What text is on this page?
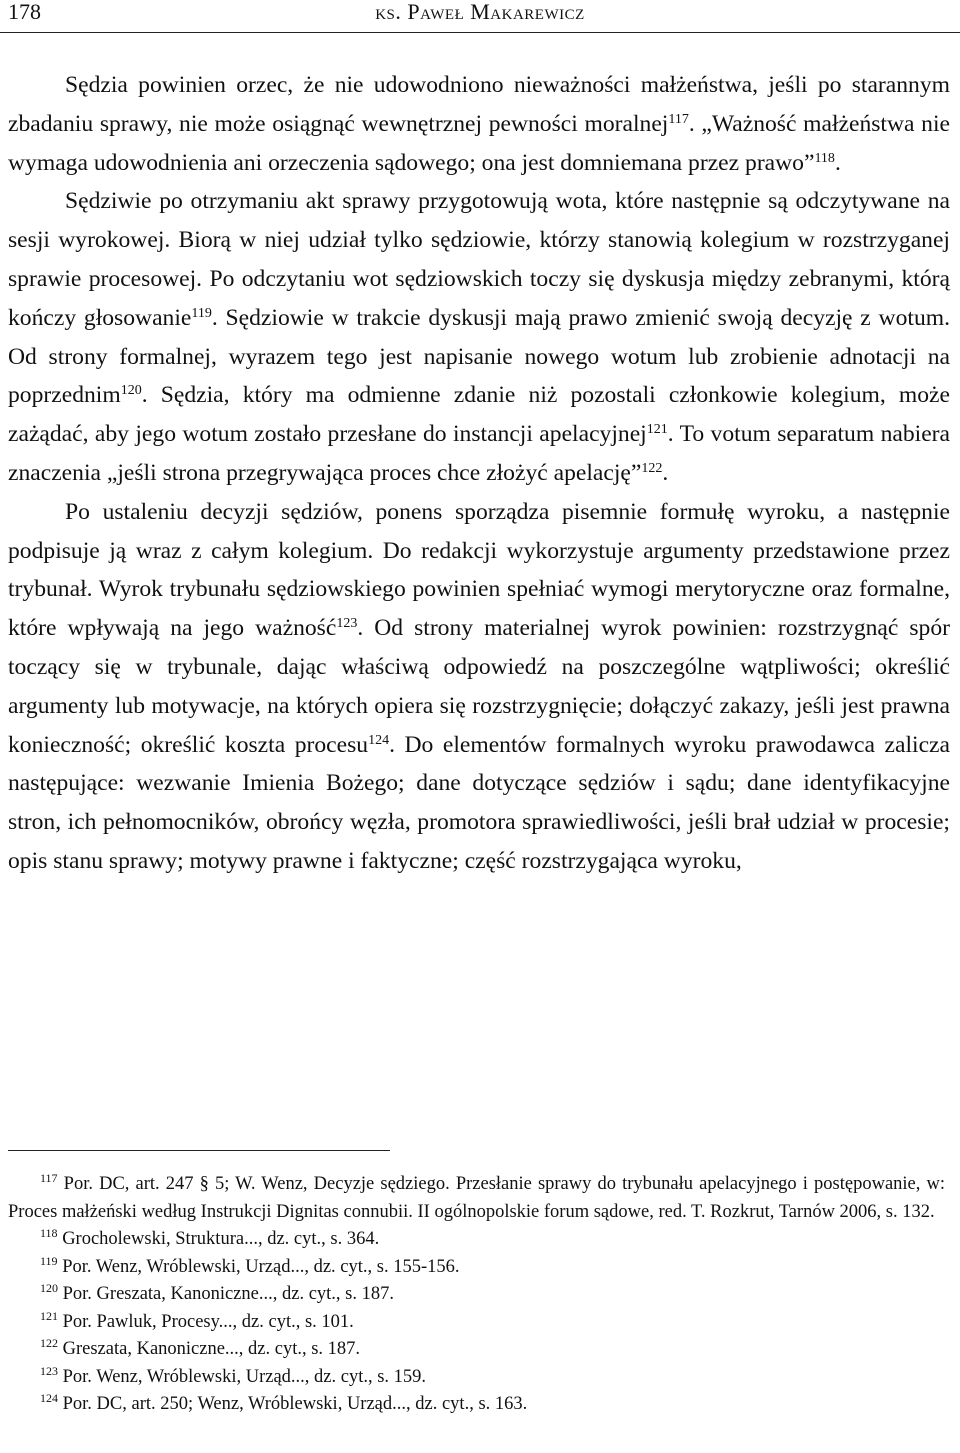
178	ks. Paweł Makarewicz

Sędzia powinien orzec, że nie udowodniono nieważności małżeństwa, jeśli po starannym zbadaniu sprawy, nie może osiągnąć wewnętrznej pewności moralnej$^{117}$. „Ważność małżeństwa nie wymaga udowodnienia ani orzeczenia sądowego; ona jest domniemana przez prawo”$^{118}$.

Sędziwie po otrzymaniu akt sprawy przygotowują wota, które następnie są odczytywane na sesji wyrokowej. Biorą w niej udział tylko sędziowie, którzy stanowią kolegium w rozstrzyganej sprawie procesowej. Po odczytaniu wot sędziowskich toczy się dyskusja między zebranymi, którą kończy głosowanie$^{119}$. Sędziowie w trakcie dyskusji mają prawo zmienić swoją decyzję z wotum. Od strony formalnej, wyrazem tego jest napisanie nowego wotum lub zrobienie adnotacji na poprzednim$^{120}$. Sędzia, który ma odmienne zdanie niż pozostali członkowie kolegium, może zażądać, aby jego wotum zostało przesłane do instancji apelacyjnej$^{121}$. To votum separatum nabiera znaczenia „jeśli strona przegrywająca proces chce złożyć apelację”$^{122}$.

Po ustaleniu decyzji sędziów, ponens sporządza pisemnie formułę wyroku, a następnie podpisuje ją wraz z całym kolegium. Do redakcji wykorzystuje argumenty przedstawione przez trybunał. Wyrok trybunału sędziowskiego powinien spełniać wymogi merytoryczne oraz formalne, które wpływają na jego ważność$^{123}$. Od strony materialnej wyrok powinien: rozstrzygnąć spór toczący się w trybunale, dając właściwą odpowiedź na poszczególne wątpliwości; określić argumenty lub motywacje, na których opiera się rozstrzygnięcie; dołączyć zakazy, jeśli jest prawna konieczność; określić koszta procesu$^{124}$. Do elementów formalnych wyroku prawodawca zalicza następujące: wezwanie Imienia Bożego; dane dotyczące sędziów i sądu; dane identyfikacyjne stron, ich pełnomocników, obrońcy węzła, promotora sprawiedliwości, jeśli brał udział w procesie; opis stanu sprawy; motywy prawne i faktyczne; część rozstrzygająca wyroku,

$^{117}$ Por. DC, art. 247 § 5; W. Wenz, Decyzje sędziego. Przesłanie sprawy do trybunału apelacyjnego i postępowanie, w: Proces małżeński według Instrukcji Dignitas connubii. II ogólnopolskie forum sądowe, red. T. Rozkrut, Tarnów 2006, s. 132.

$^{118}$ Grocholewski, Struktura..., dz. cyt., s. 364.

$^{119}$ Por. Wenz, Wróblewski, Urząd..., dz. cyt., s. 155-156.

$^{120}$ Por. Greszata, Kanoniczne..., dz. cyt., s. 187.

$^{121}$ Por. Pawluk, Procesy..., dz. cyt., s. 101.

$^{122}$ Greszata, Kanoniczne..., dz. cyt., s. 187.

$^{123}$ Por. Wenz, Wróblewski, Urząd..., dz. cyt., s. 159.

$^{124}$ Por. DC, art. 250; Wenz, Wróblewski, Urząd..., dz. cyt., s. 163.
